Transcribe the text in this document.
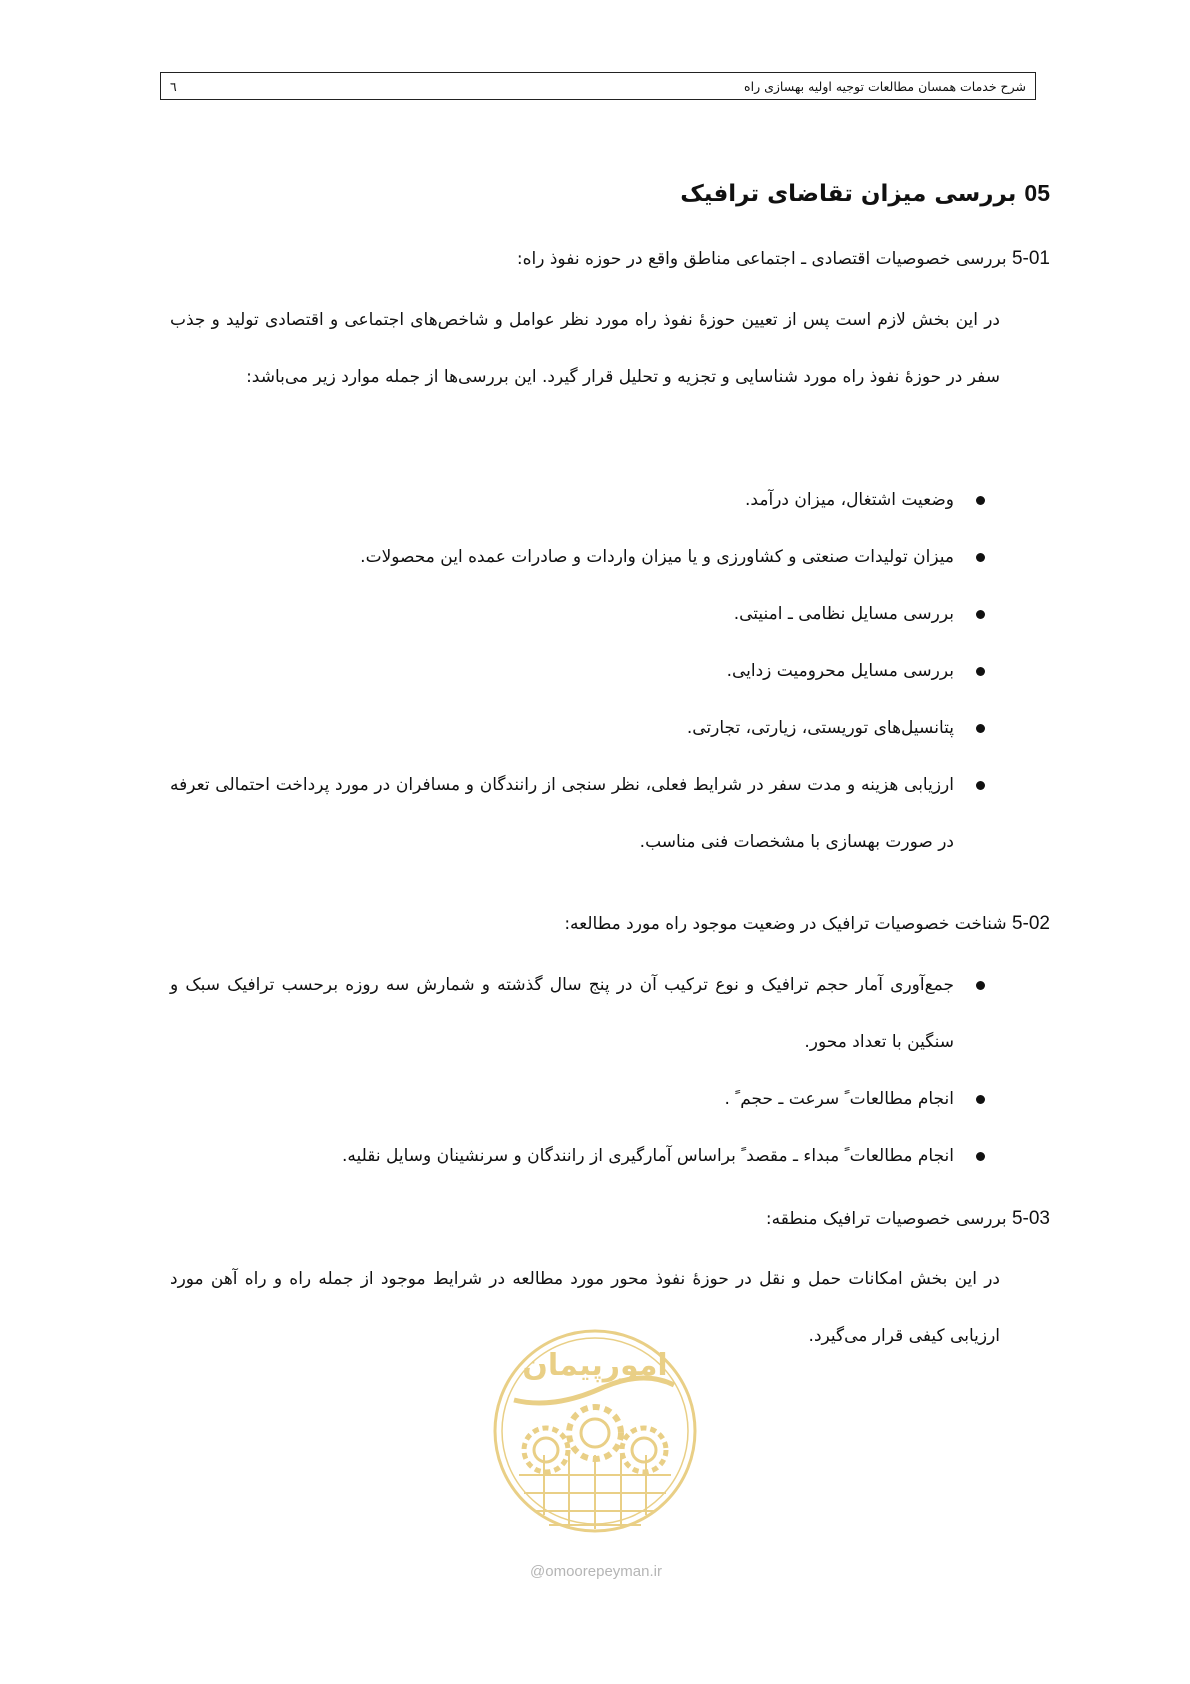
٦	شرح خدمات همسان مطالعات توجیه اولیه بهسازی راه
05 بررسی میزان تقاضای ترافیک
5-01 بررسی خصوصیات اقتصادی ـ اجتماعی مناطق واقع در حوزه نفوذ راه:
در این بخش لازم است پس از تعیین حوزهٔ نفوذ راه مورد نظر عوامل و شاخص‌های اجتماعی و اقتصادی تولید و جذب سفر در حوزهٔ نفوذ راه مورد شناسایی و تجزیه و تحلیل قرار گیرد. این بررسی‌ها از جمله موارد زیر می‌باشد:
وضعیت اشتغال، میزان درآمد.
میزان تولیدات صنعتی و کشاورزی و یا میزان واردات و صادرات عمده این محصولات.
بررسی مسایل نظامی ـ امنیتی.
بررسی مسایل محرومیت زدایی.
پتانسیل‌های توریستی، زیارتی، تجارتی.
ارزیابی هزینه و مدت سفر در شرایط فعلی، نظر سنجی از رانندگان و مسافران در مورد پرداخت احتمالی تعرفه در صورت بهسازی با مشخصات فنی مناسب.
5-02 شناخت خصوصیات ترافیک در وضعیت موجود راه مورد مطالعه:
جمع‌آوری آمار حجم ترافیک و نوع ترکیب آن در پنج سال گذشته و شمارش سه روزه برحسب ترافیک سبک و سنگین با تعداد محور.
انجام مطالعات ً سرعت ـ حجم ً .
انجام مطالعات ً مبداء ـ مقصد ً براساس آمارگیری از رانندگان و سرنشینان وسایل نقلیه.
5-03 بررسی خصوصیات ترافیک منطقه:
در این بخش امکانات حمل و نقل در حوزهٔ نفوذ محور مورد مطالعه در شرایط موجود از جمله راه و راه آهن مورد ارزیابی کیفی قرار می‌گیرد.
امورپیمان
@omoorepeyman.ir
